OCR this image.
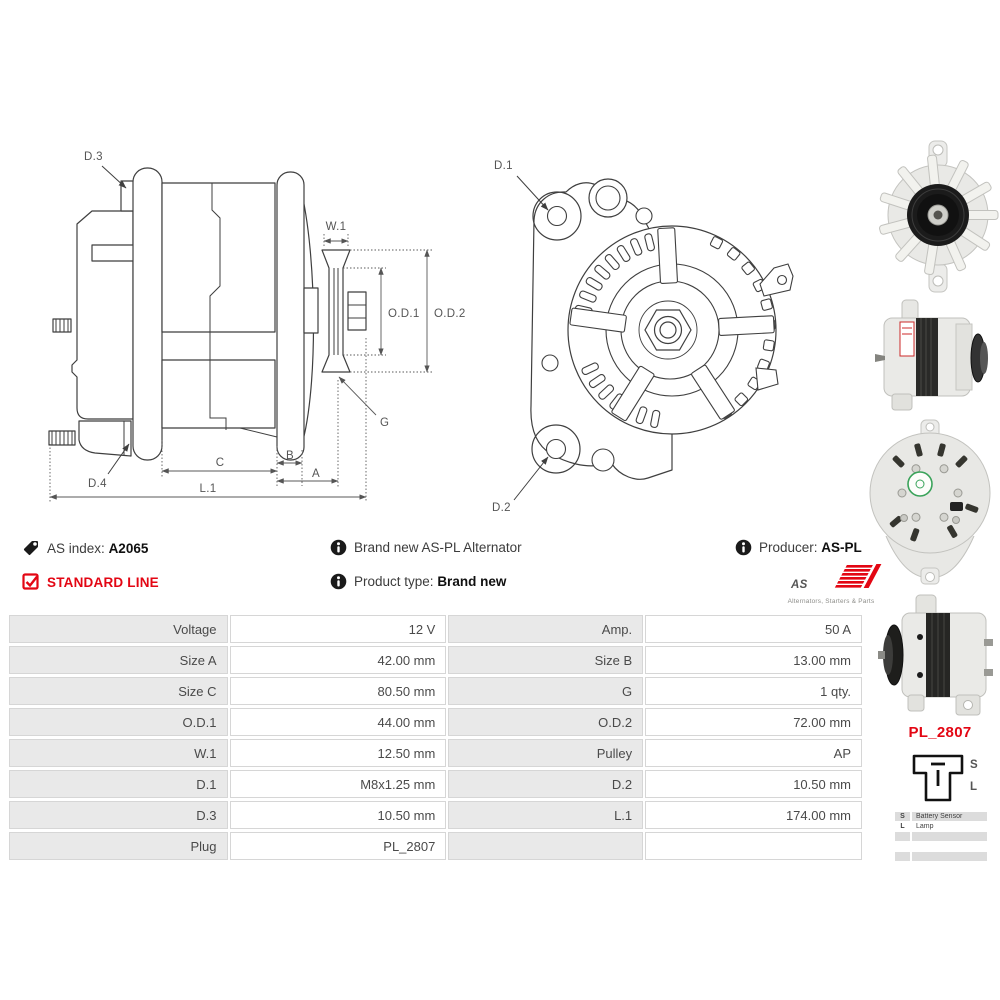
D.3
D.4
W.1
O.D.1 O.D.2
G
C
B
A
L.1
D.1
D.2
AS index: A2065	Brand new AS-PL Alternator	Producer: AS-PL
STANDARD LINE	Product type: Brand new	AS
Alternators, Starters & Parts
Voltage	12 V	Amp.	50 A
Size A	42.00 mm	Size B	13.00 mm
Size C	80.50 mm	G	1 qty.
O.D.1	44.00 mm	O.D.2	72.00 mm
W.1	12.50 mm	Pulley	AP
D.1	M8x1.25 mm	D.2	10.50 mm
D.3	10.50 mm	L.1	174.00 mm
Plug	PL_2807		
PL_2807
S
L
S	Battery Sensor
L	Lamp
